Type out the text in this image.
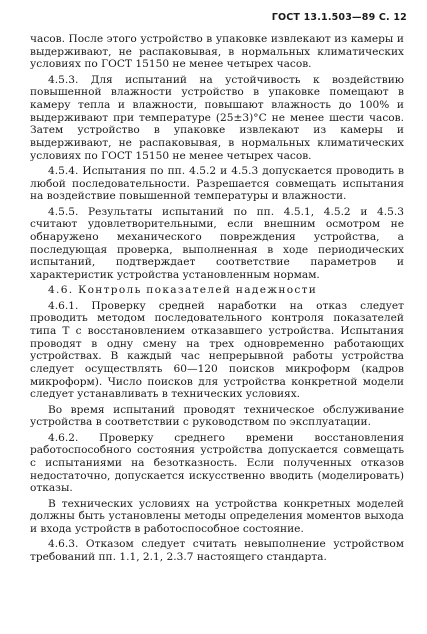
ГОСТ 13.1.503—89 С. 12

часов. После этого устройство в упаковке извлекают из камеры и выдерживают, не распаковывая, в нормальных климатических условиях по ГОСТ 15150 не менее четырех часов.

4.5.3. Для испытаний на устойчивость к воздействию повышенной влажности устройство в упаковке помещают в камеру тепла и влажности, повышают влажность до 100% и выдерживают при температуре (25±3)°С не менее шести часов. Затем устройство в упаковке извлекают из камеры и выдерживают, не распаковывая, в нормальных климатических условиях по ГОСТ 15150 не менее четырех часов.

4.5.4. Испытания по пп. 4.5.2 и 4.5.3 допускается проводить в любой последовательности. Разрешается совмещать испытания на воздействие повышенной температуры и влажности.

4.5.5. Результаты испытаний по пп. 4.5.1, 4.5.2 и 4.5.3 считают удовлетворительными, если внешним осмотром не обнаружено механического повреждения устройства, а последующая проверка, выполненная в ходе периодических испытаний, подтверждает соответствие параметров и характеристик устройства установленным нормам.

4.6. Контроль показателей надежности

4.6.1. Проверку средней наработки на отказ следует проводить методом последовательного контроля показателей типа Т с восстановлением отказавшего устройства. Испытания проводят в одну смену на трех одновременно работающих устройствах. В каждый час непрерывной работы устройства следует осуществлять 60—120 поисков микроформ (кадров микроформ). Число поисков для устройства конкретной модели следует устанавливать в технических условиях.

Во время испытаний проводят техническое обслуживание устройства в соответствии с руководством по эксплуатации.

4.6.2. Проверку среднего времени восстановления работоспособного состояния устройства допускается совмещать с испытаниями на безотказность. Если полученных отказов недостаточно, допускается искусственно вводить (моделировать) отказы.

В технических условиях на устройства конкретных моделей должны быть установлены методы определения моментов выхода и входа устройств в работоспособное состояние.

4.6.3. Отказом следует считать невыполнение устройством требований пп. 1.1, 2.1, 2.3.7 настоящего стандарта.
